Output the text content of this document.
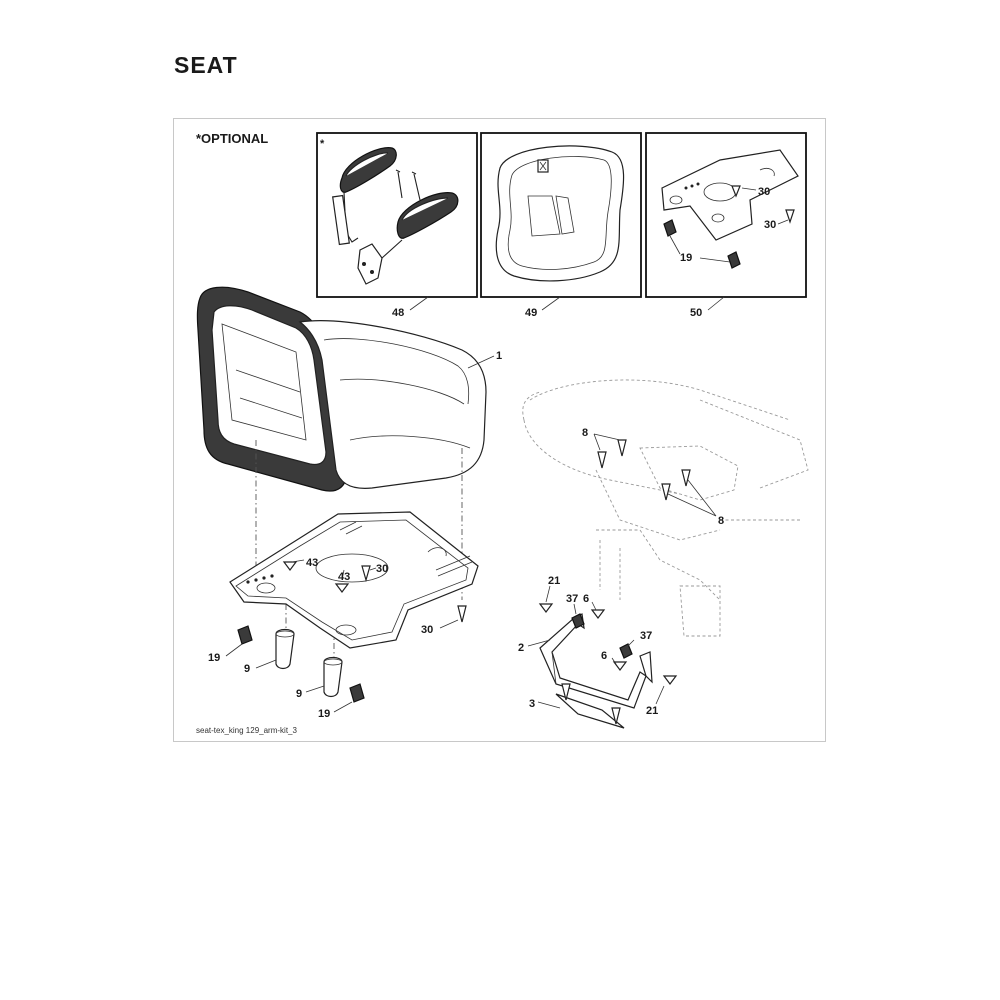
SEAT
*OPTIONAL	*
48	49	50
30
30
19
1
43
43
30
30
19
9
9
19
8
8
21
37 6
37
6
21
2
3
seat-tex_king 129_arm-kit_3
